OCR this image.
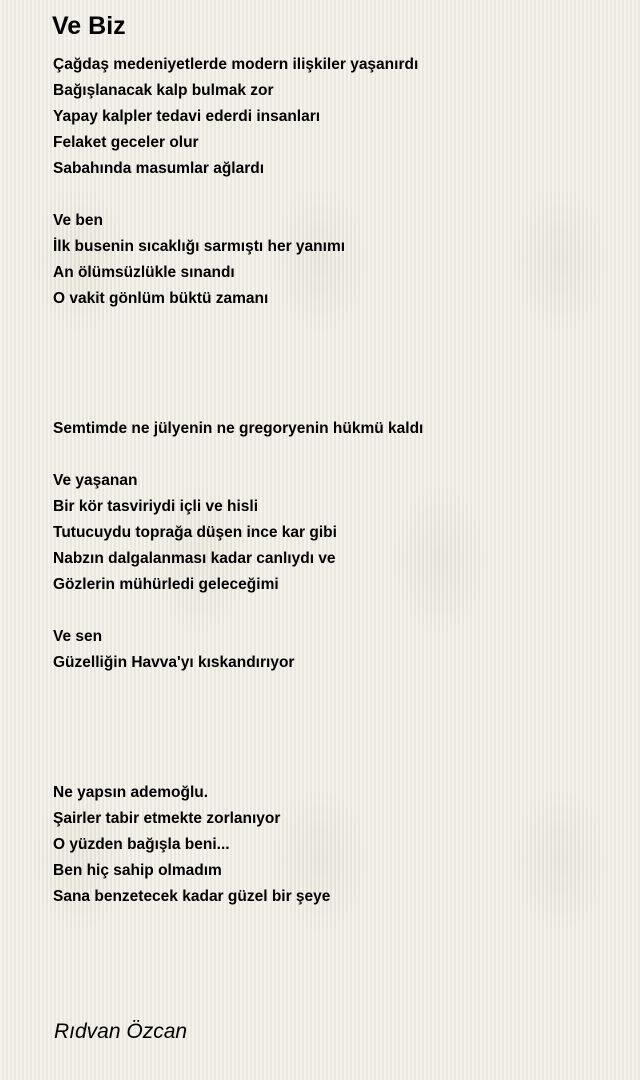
Ve Biz
Çağdaş medeniyetlerde modern ilişkiler yaşanırdı
Bağışlanacak kalp bulmak zor
Yapay kalpler tedavi ederdi insanları
Felaket geceler olur
Sabahında masumlar ağlardı
Ve ben
İlk busenin sıcaklığı sarmıştı her yanımı
An ölümsüzlükle sınandı
O vakit gönlüm büktü zamanı
Semtimde ne jülyenin ne gregoryenin hükmü kaldı
Ve yaşanan
Bir kör tasviriydi içli ve hisli
Tutucuydu toprağa düşen ince kar gibi
Nabzın dalgalanması kadar canlıydı ve
Gözlerin mühürledi geleceğimi
Ve sen
Güzelliğin Havva'yı kıskandırıyor
Ne yapsın ademoğlu.
Şairler tabir etmekte zorlanıyor
O yüzden bağışla beni...
Ben hiç sahip olmadım
Sana benzetecek kadar güzel bir şeye
Rıdvan Özcan
